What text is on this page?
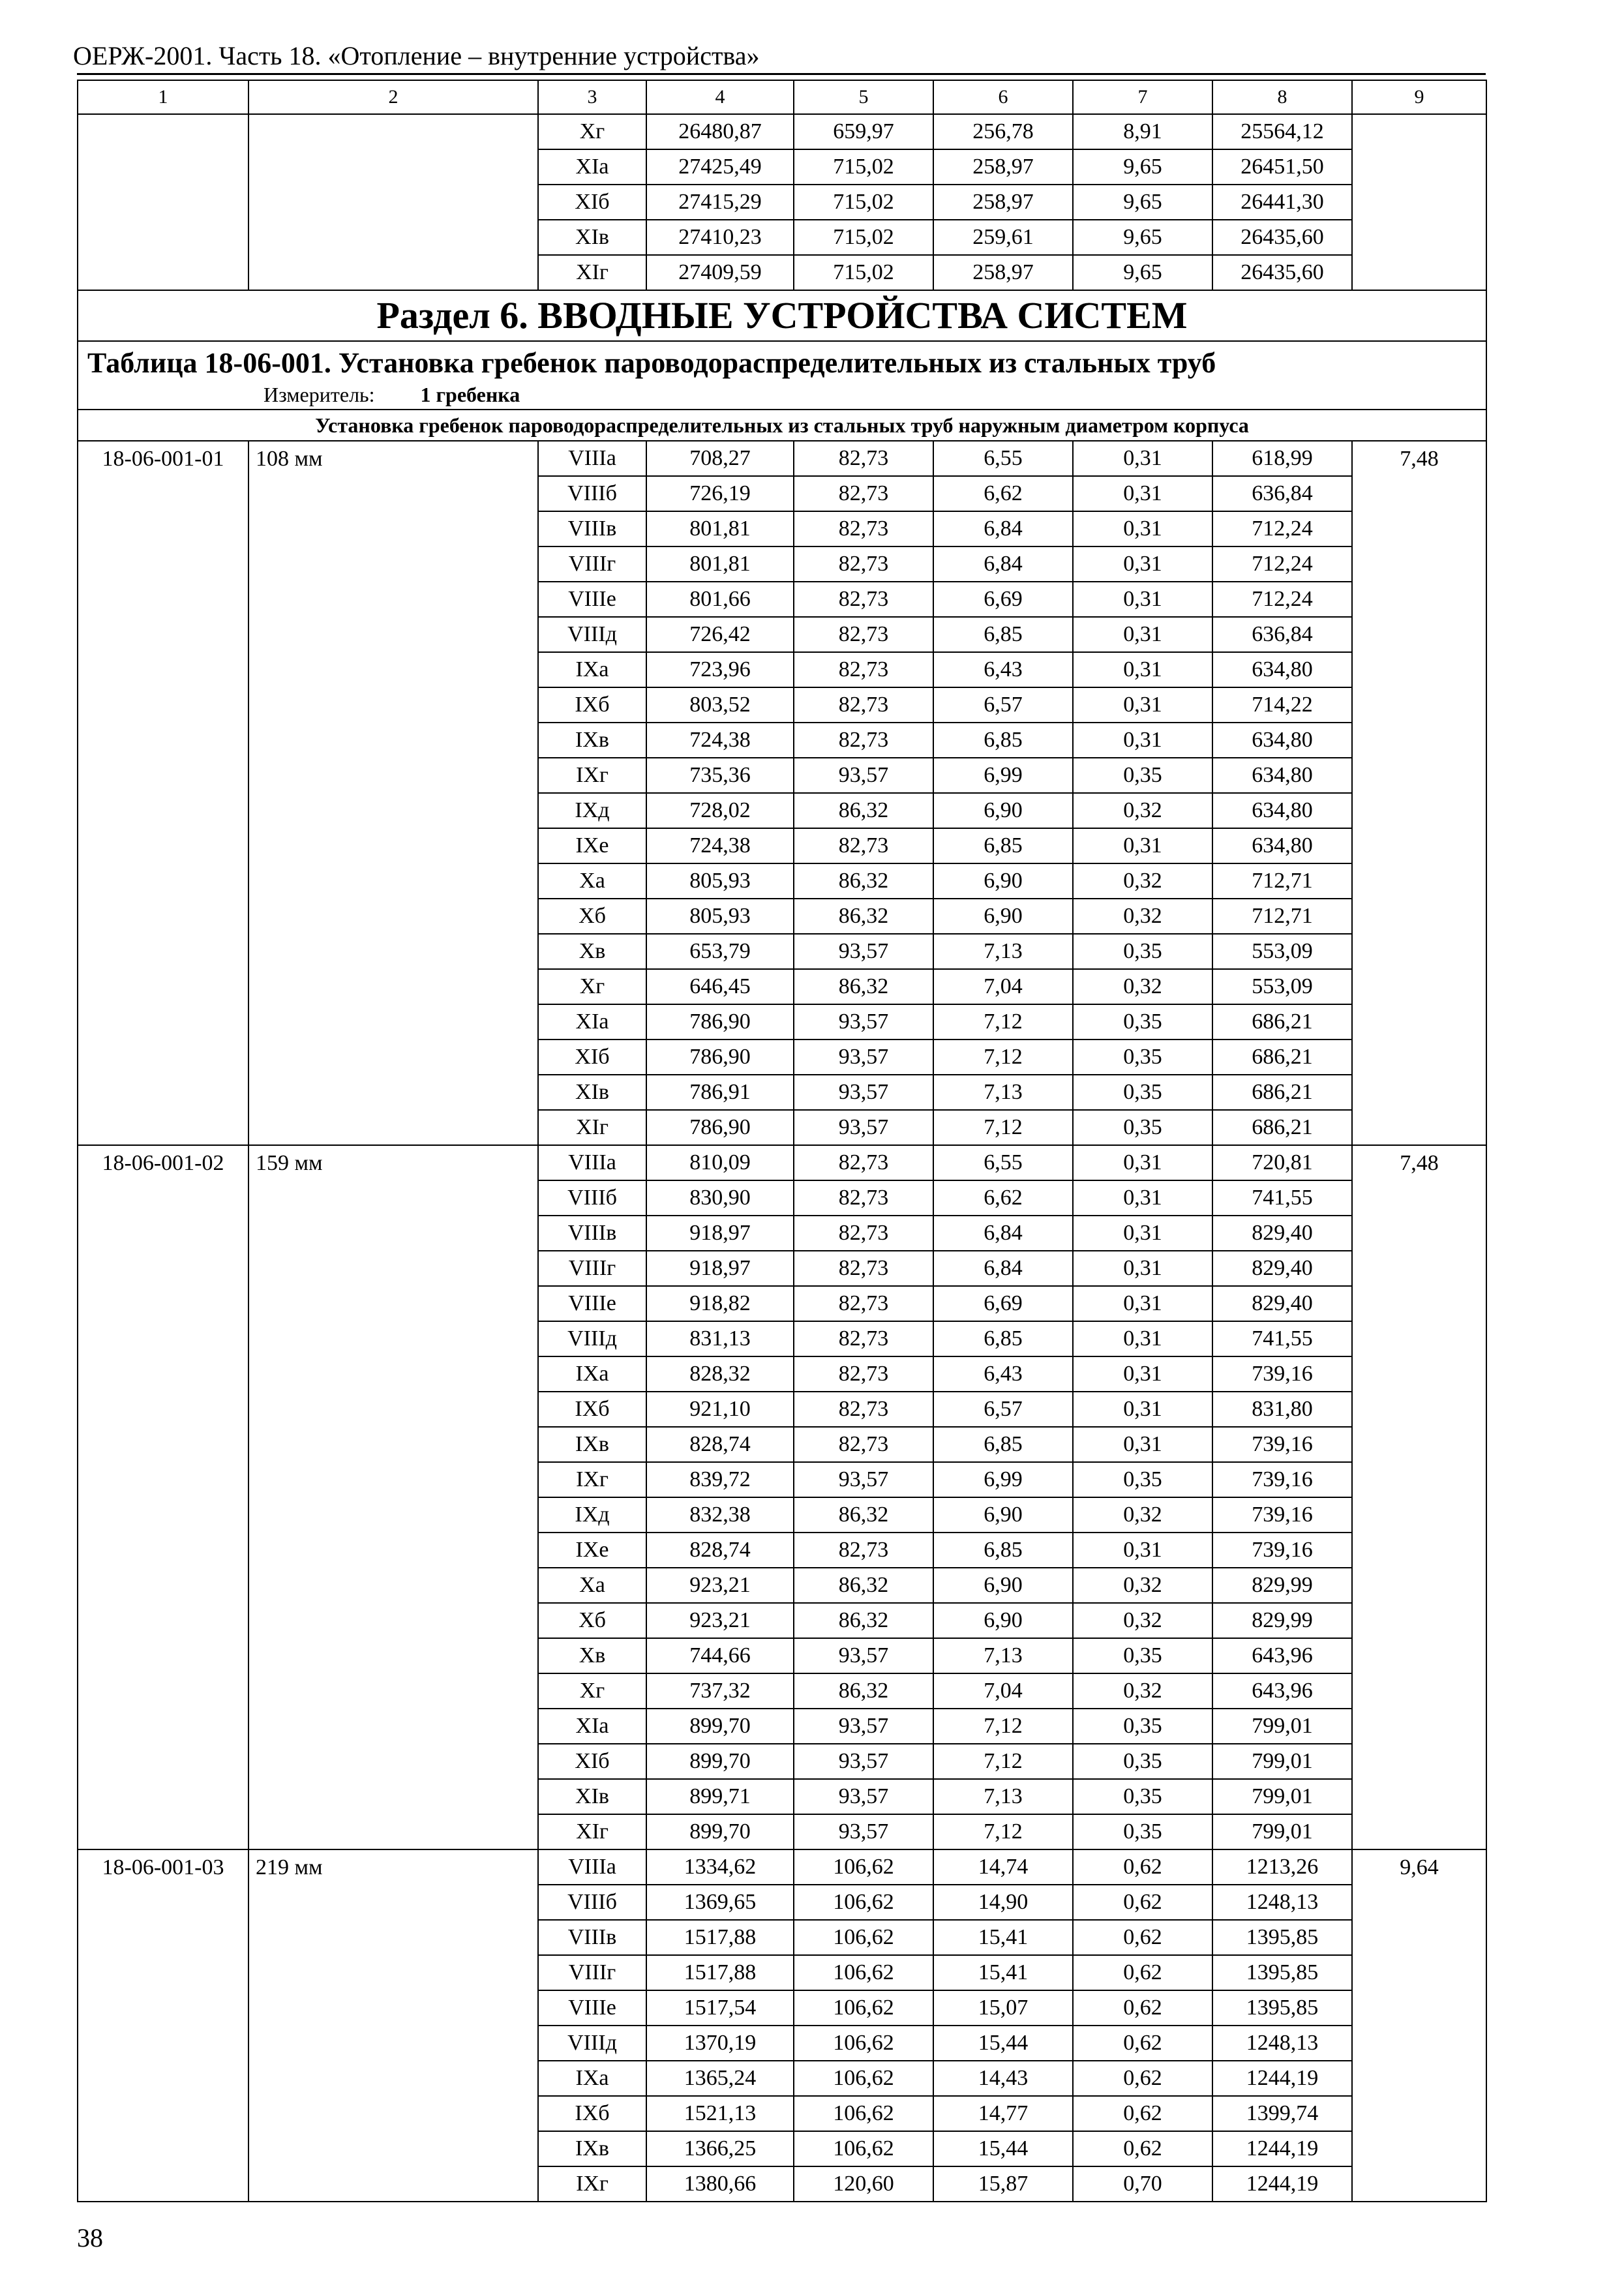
ОЕРЖ-2001. Часть 18. «Отопление – внутренние устройства»
1	2	3	4	5	6	7	8	9
		Xг	26480,87	659,97	256,78	8,91	25564,12	
		XIа	27425,49	715,02	258,97	9,65	26451,50	
		XIб	27415,29	715,02	258,97	9,65	26441,30	
		XIв	27410,23	715,02	259,61	9,65	26435,60	
		XIг	27409,59	715,02	258,97	9,65	26435,60	
Раздел 6. ВВОДНЫЕ УСТРОЙСТВА СИСТЕМ								

Таблица 18-06-001. Установка гребенок пароводораспределительных из стальных труб
Измеритель: 1 гребенка								

Установка гребенок пароводораспределительных из стальных труб наружным диаметром корпуса								
18-06-001-01	108 мм	VIIIа	708,27	82,73	6,55	0,31	618,99	7,48
		VIIIб	726,19	82,73	6,62	0,31	636,84	
		VIIIв	801,81	82,73	6,84	0,31	712,24	
		VIIIг	801,81	82,73	6,84	0,31	712,24	
		VIIIе	801,66	82,73	6,69	0,31	712,24	
		VIIIд	726,42	82,73	6,85	0,31	636,84	
		IXа	723,96	82,73	6,43	0,31	634,80	
		IXб	803,52	82,73	6,57	0,31	714,22	
		IXв	724,38	82,73	6,85	0,31	634,80	
		IXг	735,36	93,57	6,99	0,35	634,80	
		IXд	728,02	86,32	6,90	0,32	634,80	
		IXе	724,38	82,73	6,85	0,31	634,80	
		Xа	805,93	86,32	6,90	0,32	712,71	
		Xб	805,93	86,32	6,90	0,32	712,71	
		Xв	653,79	93,57	7,13	0,35	553,09	
		Xг	646,45	86,32	7,04	0,32	553,09	
		XIа	786,90	93,57	7,12	0,35	686,21	
		XIб	786,90	93,57	7,12	0,35	686,21	
		XIв	786,91	93,57	7,13	0,35	686,21	
		XIг	786,90	93,57	7,12	0,35	686,21	
18-06-001-02	159 мм	VIIIа	810,09	82,73	6,55	0,31	720,81	7,48
		VIIIб	830,90	82,73	6,62	0,31	741,55	
		VIIIв	918,97	82,73	6,84	0,31	829,40	
		VIIIг	918,97	82,73	6,84	0,31	829,40	
		VIIIе	918,82	82,73	6,69	0,31	829,40	
		VIIIд	831,13	82,73	6,85	0,31	741,55	
		IXа	828,32	82,73	6,43	0,31	739,16	
		IXб	921,10	82,73	6,57	0,31	831,80	
		IXв	828,74	82,73	6,85	0,31	739,16	
		IXг	839,72	93,57	6,99	0,35	739,16	
		IXд	832,38	86,32	6,90	0,32	739,16	
		IXе	828,74	82,73	6,85	0,31	739,16	
		Xа	923,21	86,32	6,90	0,32	829,99	
		Xб	923,21	86,32	6,90	0,32	829,99	
		Xв	744,66	93,57	7,13	0,35	643,96	
		Xг	737,32	86,32	7,04	0,32	643,96	
		XIа	899,70	93,57	7,12	0,35	799,01	
		XIб	899,70	93,57	7,12	0,35	799,01	
		XIв	899,71	93,57	7,13	0,35	799,01	
		XIг	899,70	93,57	7,12	0,35	799,01	
18-06-001-03	219 мм	VIIIа	1334,62	106,62	14,74	0,62	1213,26	9,64
		VIIIб	1369,65	106,62	14,90	0,62	1248,13	
		VIIIв	1517,88	106,62	15,41	0,62	1395,85	
		VIIIг	1517,88	106,62	15,41	0,62	1395,85	
		VIIIе	1517,54	106,62	15,07	0,62	1395,85	
		VIIIд	1370,19	106,62	15,44	0,62	1248,13	
		IXа	1365,24	106,62	14,43	0,62	1244,19	
		IXб	1521,13	106,62	14,77	0,62	1399,74	
		IXв	1366,25	106,62	15,44	0,62	1244,19	
		IXг	1380,66	120,60	15,87	0,70	1244,19	
38
